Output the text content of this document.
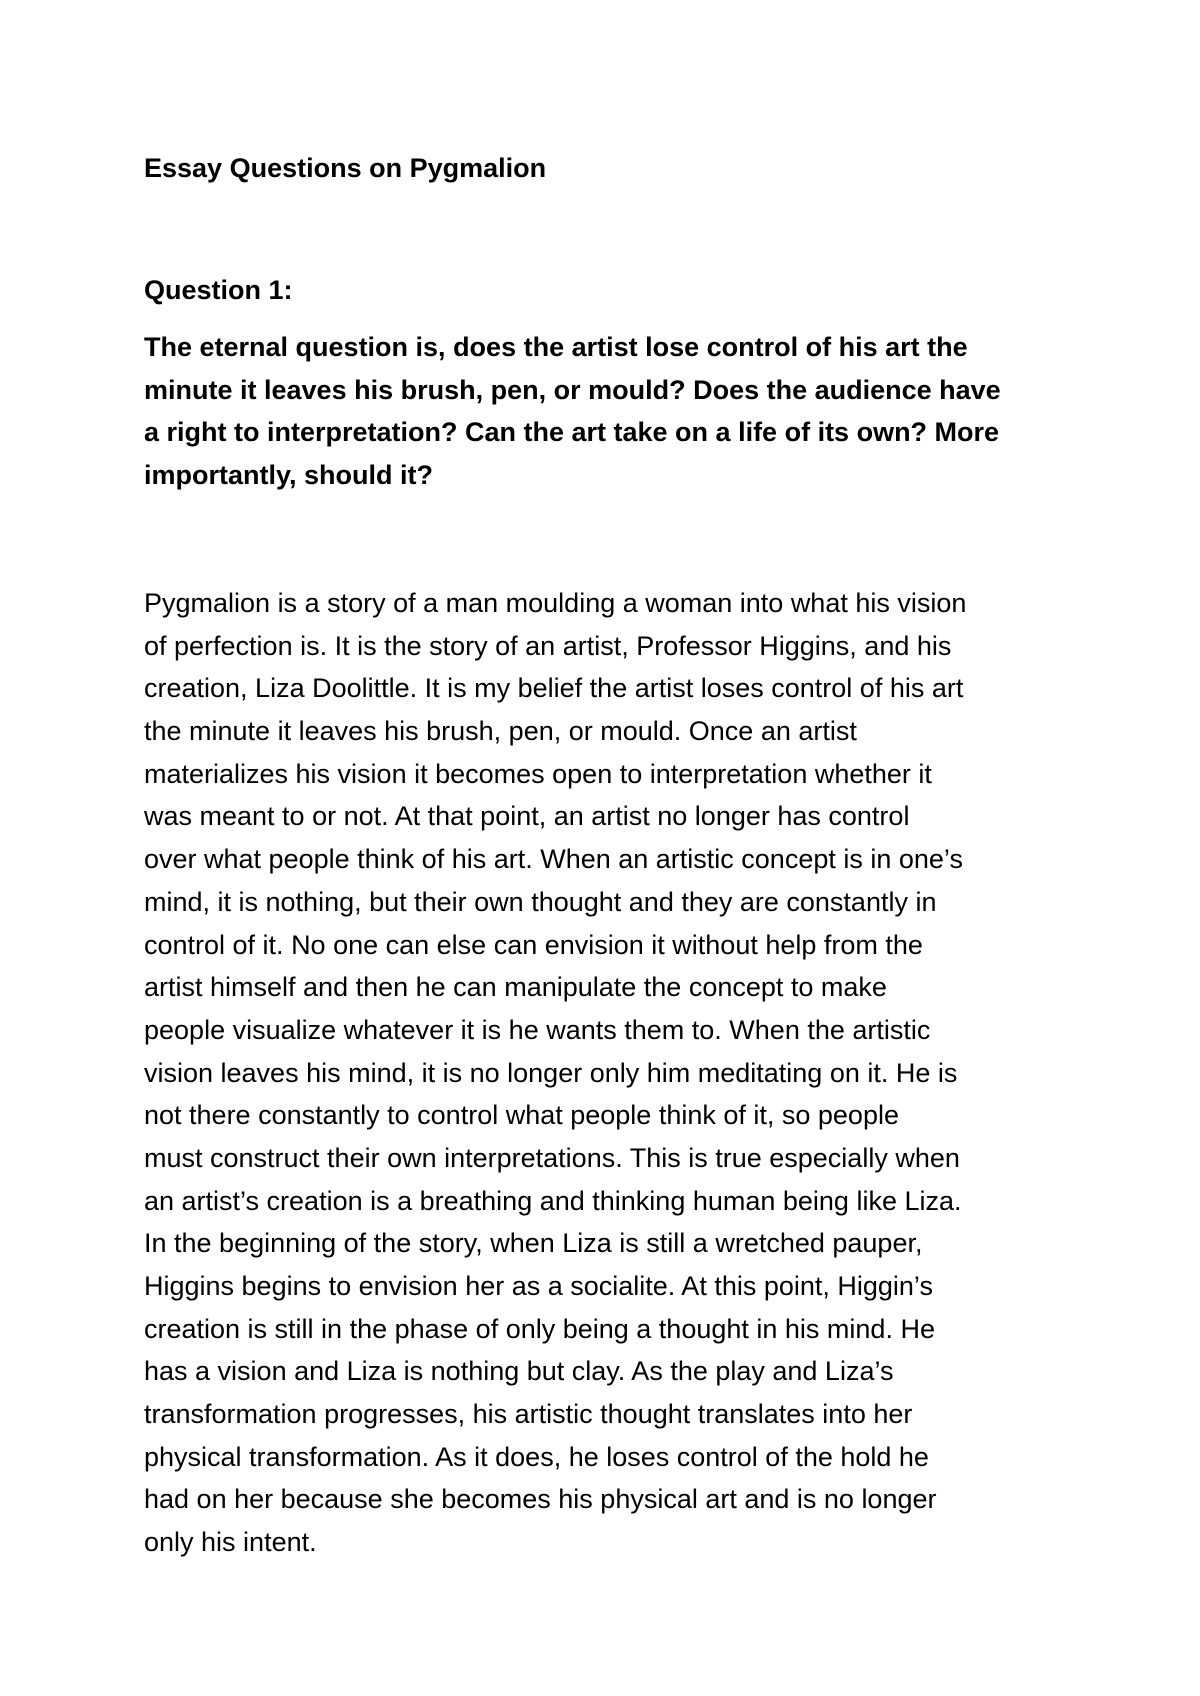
Essay Questions on Pygmalion
Question 1:
The eternal question is, does the artist lose control of his art the
minute it leaves his brush, pen, or mould? Does the audience have
a right to interpretation? Can the art take on a life of its own? More
importantly, should it?
Pygmalion is a story of a man moulding a woman into what his vision
of perfection is. It is the story of an artist, Professor Higgins, and his
creation, Liza Doolittle. It is my belief the artist loses control of his art
the minute it leaves his brush, pen, or mould. Once an artist
materializes his vision it becomes open to interpretation whether it
was meant to or not. At that point, an artist no longer has control
over what people think of his art. When an artistic concept is in one’s
mind, it is nothing, but their own thought and they are constantly in
control of it. No one can else can envision it without help from the
artist himself and then he can manipulate the concept to make
people visualize whatever it is he wants them to. When the artistic
vision leaves his mind, it is no longer only him meditating on it. He is
not there constantly to control what people think of it, so people
must construct their own interpretations. This is true especially when
an artist’s creation is a breathing and thinking human being like Liza.
In the beginning of the story, when Liza is still a wretched pauper,
Higgins begins to envision her as a socialite. At this point, Higgin’s
creation is still in the phase of only being a thought in his mind. He
has a vision and Liza is nothing but clay. As the play and Liza’s
transformation progresses, his artistic thought translates into her
physical transformation. As it does, he loses control of the hold he
had on her because she becomes his physical art and is no longer
only his intent.
